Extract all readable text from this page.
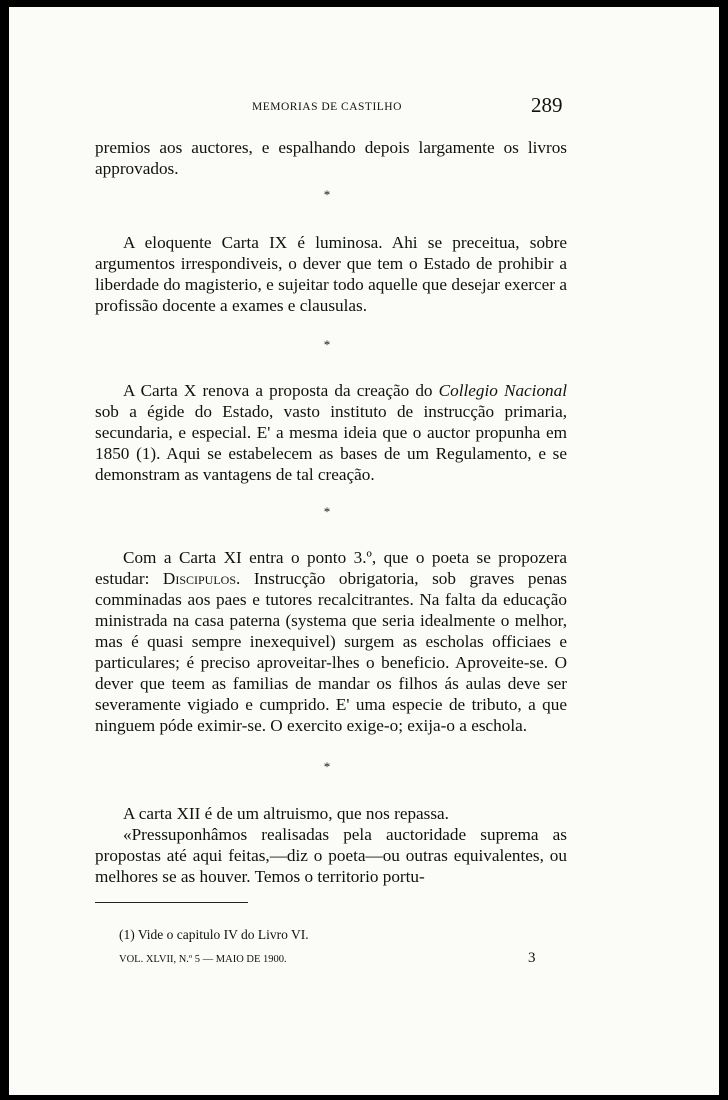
MEMORIAS DE CASTILHO	289

premios aos auctores, e espalhando depois largamente os livros approvados.

*

A eloquente Carta IX é luminosa. Ahi se preceitua, sobre argumentos irrespondiveis, o dever que tem o Estado de prohibir a liberdade do magisterio, e sujeitar todo aquelle que desejar exercer a profissão docente a exames e clausulas.

*

A Carta X renova a proposta da creação do Collegio Nacional sob a égide do Estado, vasto instituto de instrucção primaria, secundaria, e especial. E' a mesma ideia que o auctor propunha em 1850 (1). Aqui se estabelecem as bases de um Regulamento, e se demonstram as vantagens de tal creação.

*

Com a Carta XI entra o ponto 3.º, que o poeta se propozera estudar: Discipulos. Instrucção obrigatoria, sob graves penas comminadas aos paes e tutores recalcitrantes. Na falta da educação ministrada na casa paterna (systema que seria idealmente o melhor, mas é quasi sempre inexequivel) surgem as escholas officiaes e particulares; é preciso aproveitar-lhes o beneficio. Aproveite-se. O dever que teem as familias de mandar os filhos ás aulas deve ser severamente vigiado e cumprido. E' uma especie de tributo, a que ninguem póde eximir-se. O exercito exige-o; exija-o a eschola.

*

A carta XII é de um altruismo, que nos repassa.

«Pressuponhâmos realisadas pela auctoridade suprema as propostas até aqui feitas,—diz o poeta—ou outras equivalentes, ou melhores se as houver. Temos o territorio portu-

(1) Vide o capitulo IV do Livro VI.
VOL. XLVII, N.º 5 — MAIO DE 1900.	3
